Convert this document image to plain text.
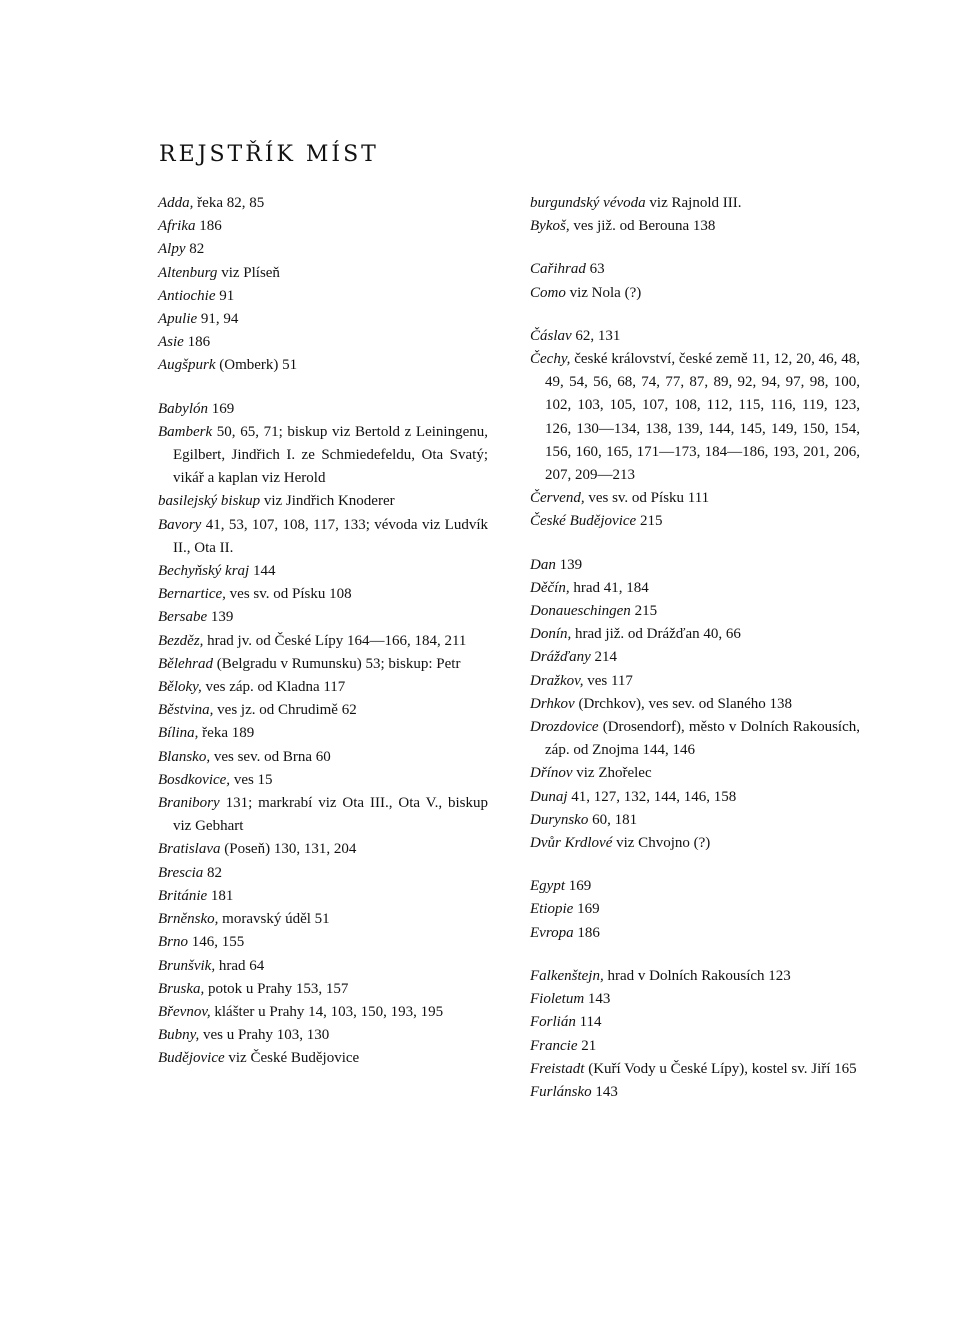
REJSTŘÍK MÍST
Adda, řeka 82, 85
Afrika 186
Alpy 82
Altenburg viz Plíseň
Antiochie 91
Apulie 91, 94
Asie 186
Augšpurk (Omberk) 51
Babylón 169
Bamberk 50, 65, 71; biskup viz Bertold z Leiningenu, Egilbert, Jindřich I. ze Schmiedefeldu, Ota Svatý; vikář a kaplan viz Herold
basilejský biskup viz Jindřich Knoderer
Bavory 41, 53, 107, 108, 117, 133; vévoda viz Ludvík II., Ota II.
Bechyňský kraj 144
Bernartice, ves sv. od Písku 108
Bersabe 139
Bezděz, hrad jv. od České Lípy 164—166, 184, 211
Bělehrad (Belgradu v Rumunsku) 53; biskup: Petr
Běloky, ves záp. od Kladna 117
Běstvina, ves jz. od Chrudimě 62
Bílina, řeka 189
Blansko, ves sev. od Brna 60
Bosdkovice, ves 15
Branibory 131; markrabí viz Ota III., Ota V., biskup viz Gebhart
Bratislava (Poseň) 130, 131, 204
Brescia 82
Británie 181
Brněnsko, moravský úděl 51
Brno 146, 155
Brunšvik, hrad 64
Bruska, potok u Prahy 153, 157
Břevnov, klášter u Prahy 14, 103, 150, 193, 195
Bubny, ves u Prahy 103, 130
Budějovice viz České Budějovice
burgundský vévoda viz Rajnold III.
Bykoš, ves již. od Berouna 138
Cařihrad 63
Como viz Nola (?)
Čáslav 62, 131
Čechy, české království, české země 11, 12, 20, 46, 48, 49, 54, 56, 68, 74, 77, 87, 89, 92, 94, 97, 98, 100, 102, 103, 105, 107, 108, 112, 115, 116, 119, 123, 126, 130—134, 138, 139, 144, 145, 149, 150, 154, 156, 160, 165, 171—173, 184—186, 193, 201, 206, 207, 209—213
Červend, ves sv. od Písku 111
České Budějovice 215
Dan 139
Děčín, hrad 41, 184
Donaueschingen 215
Donín, hrad již. od Drážďan 40, 66
Drážďany 214
Dražkov, ves 117
Drhkov (Drchkov), ves sev. od Slaného 138
Drozdovice (Drosendorf), město v Dolních Rakousích, záp. od Znojma 144, 146
Dřínov viz Zhořelec
Dunaj 41, 127, 132, 144, 146, 158
Durynsko 60, 181
Dvůr Krdlové viz Chvojno (?)
Egypt 169
Etiopie 169
Evropa 186
Falkenštejn, hrad v Dolních Rakousích 123
Fioletum 143
Forlián 114
Francie 21
Freistadt (Kuří Vody u České Lípy), kostel sv. Jiří 165
Furlánsko 143
